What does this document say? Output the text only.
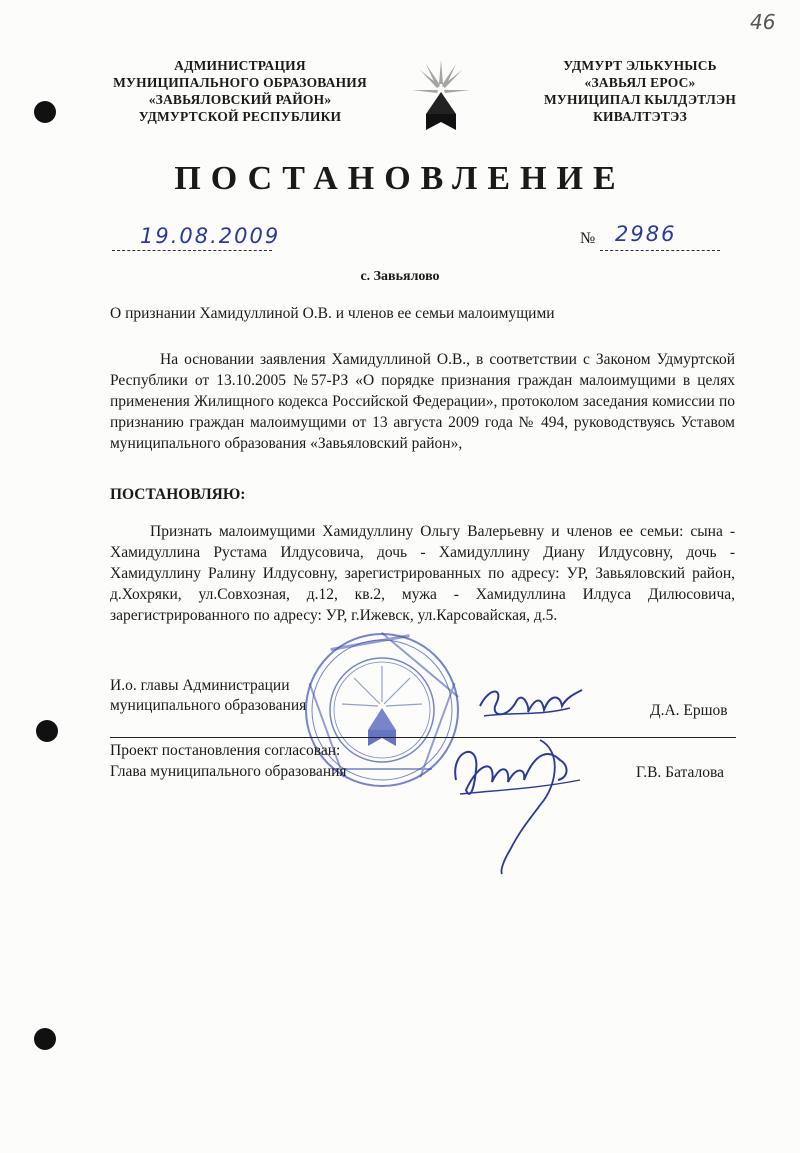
46
АДМИНИСТРАЦИЯ
МУНИЦИПАЛЬНОГО ОБРАЗОВАНИЯ
«ЗАВЬЯЛОВСКИЙ РАЙОН»
УДМУРТСКОЙ РЕСПУБЛИКИ
УДМУРТ ЭЛЬКУНЫСЬ
«ЗАВЬЯЛ ЕРОС»
МУНИЦИПАЛ КЫЛДЭТЛЭН
КИВАЛТЭТЭЗ
ПОСТАНОВЛЕНИЕ
19.08.2009	№ 2986
с. Завьялово
О признании Хамидуллиной О.В. и членов ее семьи малоимущими
На основании заявления Хамидуллиной О.В., в соответствии с Законом Удмуртской Республики от 13.10.2005 №57-РЗ «О порядке признания граждан малоимущими в целях применения Жилищного кодекса Российской Федерации», протоколом заседания комиссии по признанию граждан малоимущими от 13 августа 2009 года № 494, руководствуясь Уставом муниципального образования «Завьяловский район»,
ПОСТАНОВЛЯЮ:
Признать малоимущими Хамидуллину Ольгу Валерьевну и членов ее семьи: сына - Хамидуллина Рустама Илдусовича, дочь - Хамидуллину Диану Илдусовну, дочь - Хамидуллину Ралину Илдусовну, зарегистрированных по адресу: УР, Завьяловский район, д.Хохряки, ул.Совхозная, д.12, кв.2, мужа - Хамидуллина Илдуса Дилюсовича, зарегистрированного по адресу: УР, г.Ижевск, ул.Карсовайская, д.5.
И.о. главы Администрации
муниципального образования	Д.А. Ершов
Проект постановления согласован:
Глава муниципального образования	Г.В. Баталова
